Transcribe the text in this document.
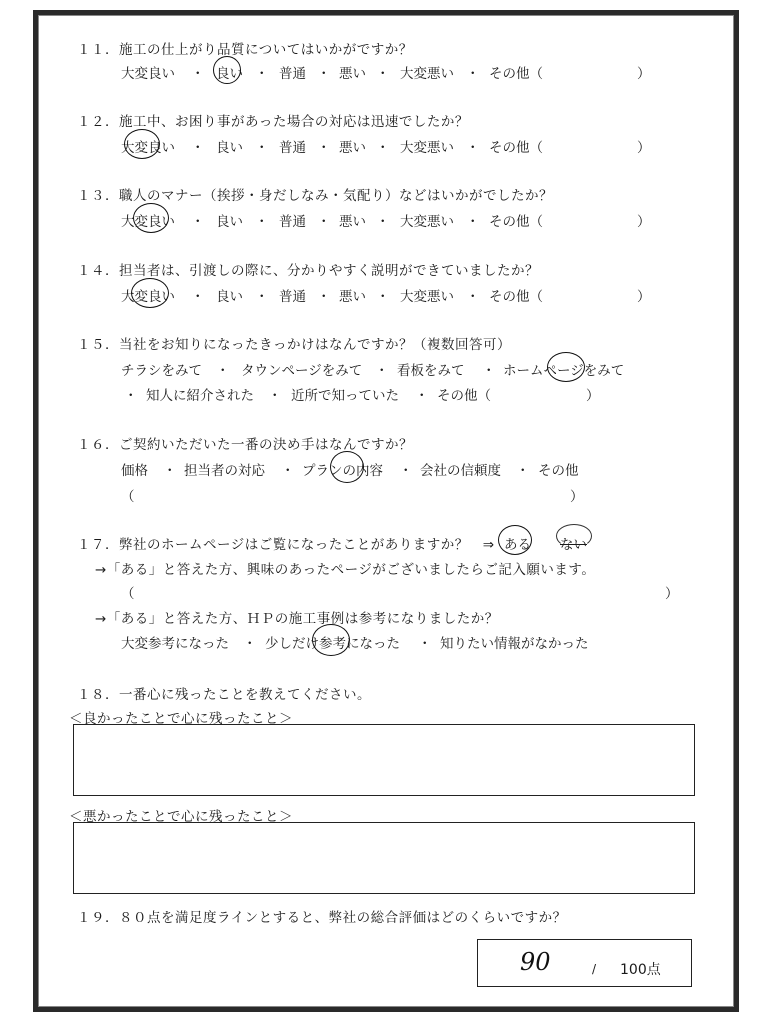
１１．施工の仕上がり品質についてはいかがですか？
大変良い ・ 良い ・ 普通 ・ 悪い ・ 大変悪い ・ その他（	）
１２．施工中、お困り事があった場合の対応は迅速でしたか？
大変良い ・ 良い ・ 普通 ・ 悪い ・ 大変悪い ・ その他（	）
１３．職人のマナー（挨拶・身だしなみ・気配り）などはいかがでしたか？
大変良い ・ 良い ・ 普通 ・ 悪い ・ 大変悪い ・ その他（	）
１４．担当者は、引渡しの際に、分かりやすく説明ができていましたか？
大変良い ・ 良い ・ 普通 ・ 悪い ・ 大変悪い ・ その他（	）
１５．当社をお知りになったきっかけはなんですか？（複数回答可）
チラシをみて ・ タウンページをみて ・ 看板をみて ・ ホームページをみて
・ 知人に紹介された ・ 近所で知っていた ・ その他（	）
１６．ご契約いただいた一番の決め手はなんですか？
価格 ・ 担当者の対応 ・ プランの内容 ・ 会社の信頼度 ・ その他
（	）
１７．弊社のホームページはご覧になったことがありますか？　⇒ ある ない
→「ある」と答えた方、興味のあったページがございましたらご記入願います。
（	）
→「ある」と答えた方、ＨＰの施工事例は参考になりましたか？
大変参考になった ・ 少しだけ参考になった ・ 知りたい情報がなかった
１８．一番心に残ったことを教えてください。
＜良かったことで心に残ったこと＞
＜悪かったことで心に残ったこと＞
１９．８０点を満足度ラインとすると、弊社の総合評価はどのくらいですか？
90	/ 100点
